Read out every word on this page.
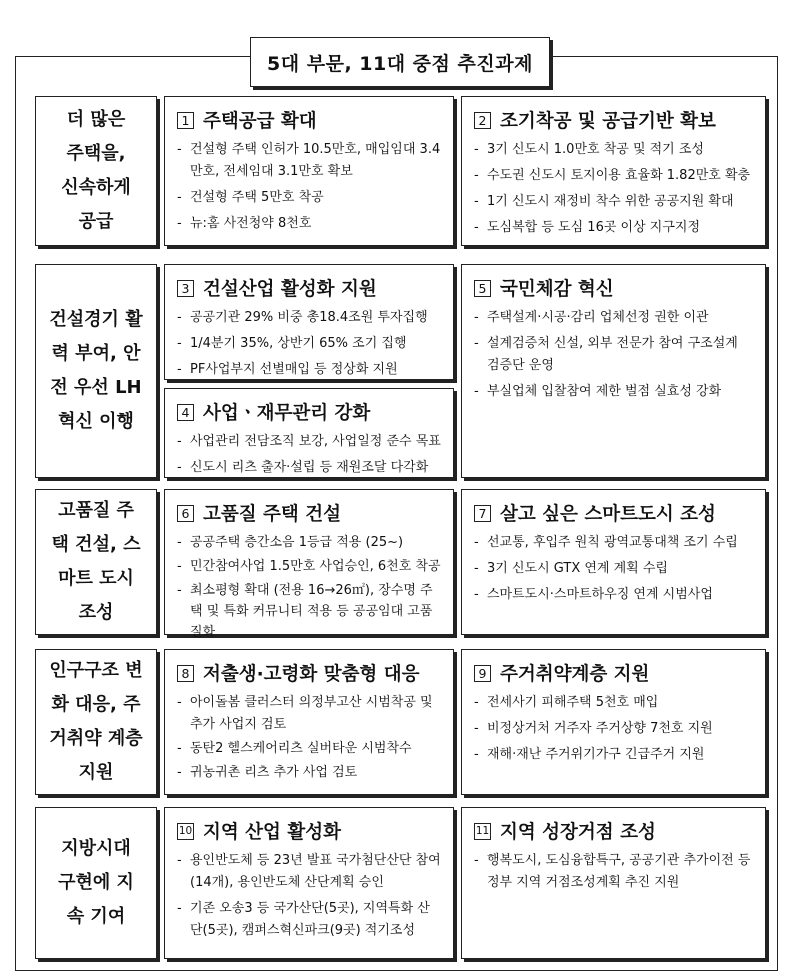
5대 부문, 11대 중점 추진과제
더 많은 주택을, 신속하게 공급
건설경기 활력 부여, 안전 우선 LH혁신 이행
고품질 주택 건설, 스마트 도시 조성
인구구조 변화 대응, 주거취약 계층 지원
지방시대 구현에 지속 기여
1 주택공급 확대
- 건설형 주택 인허가 10.5만호, 매입임대 3.4만호, 전세임대 3.1만호 확보
- 건설형 주택 5만호 착공
- 뉴:홈 사전청약 8천호
2 조기착공 및 공급기반 확보
- 3기 신도시 1.0만호 착공 및 적기 조성
- 수도권 신도시 토지이용 효율화 1.82만호 확충
- 1기 신도시 재정비 착수 위한 공공지원 확대
- 도심복합 등 도심 16곳 이상 지구지정
3 건설산업 활성화 지원
- 공공기관 29% 비중 총18.4조원 투자집행
- 1/4분기 35%, 상반기 65% 조기 집행
- PF사업부지 선별매입 등 정상화 지원
4 사업ㆍ재무관리 강화
- 사업관리 전담조직 보강, 사업일정 준수 목표
- 신도시 리츠 출자·설립 등 재원조달 다각화
5 국민체감 혁신
- 주택설계·시공·감리 업체선정 권한 이관
- 설계검증처 신설, 외부 전문가 참여 구조설계 검증단 운영
- 부실업체 입찰참여 제한 벌점 실효성 강화
6 고품질 주택 건설
- 공공주택 층간소음 1등급 적용 (25~)
- 민간참여사업 1.5만호 사업승인, 6천호 착공
- 최소평형 확대 (전용 16→26㎡), 장수명 주택 및 특화 커뮤니티 적용 등 공공임대 고품질화
7 살고 싶은 스마트도시 조성
- 선교통, 후입주 원칙 광역교통대책 조기 수립
- 3기 신도시 GTX 연계 계획 수립
- 스마트도시·스마트하우징 연계 시범사업
8 저출생·고령화 맞춤형 대응
- 아이돌봄 클러스터 의정부고산 시범착공 및 추가 사업지 검토
- 동탄2 헬스케어리츠 실버타운 시범착수
- 귀농귀촌 리츠 추가 사업 검토
9 주거취약계층 지원
- 전세사기 피해주택 5천호 매입
- 비정상거처 거주자 주거상향 7천호 지원
- 재해·재난 주거위기가구 긴급주거 지원
10 지역 산업 활성화
- 용인반도체 등 23년 발표 국가첨단산단 참여(14개), 용인반도체 산단계획 승인
- 기존 오송3 등 국가산단(5곳), 지역특화 산단(5곳), 캠퍼스혁신파크(9곳) 적기조성
11 지역 성장거점 조성
- 행복도시, 도심융합특구, 공공기관 추가이전 등 정부 지역 거점조성계획 추진 지원
